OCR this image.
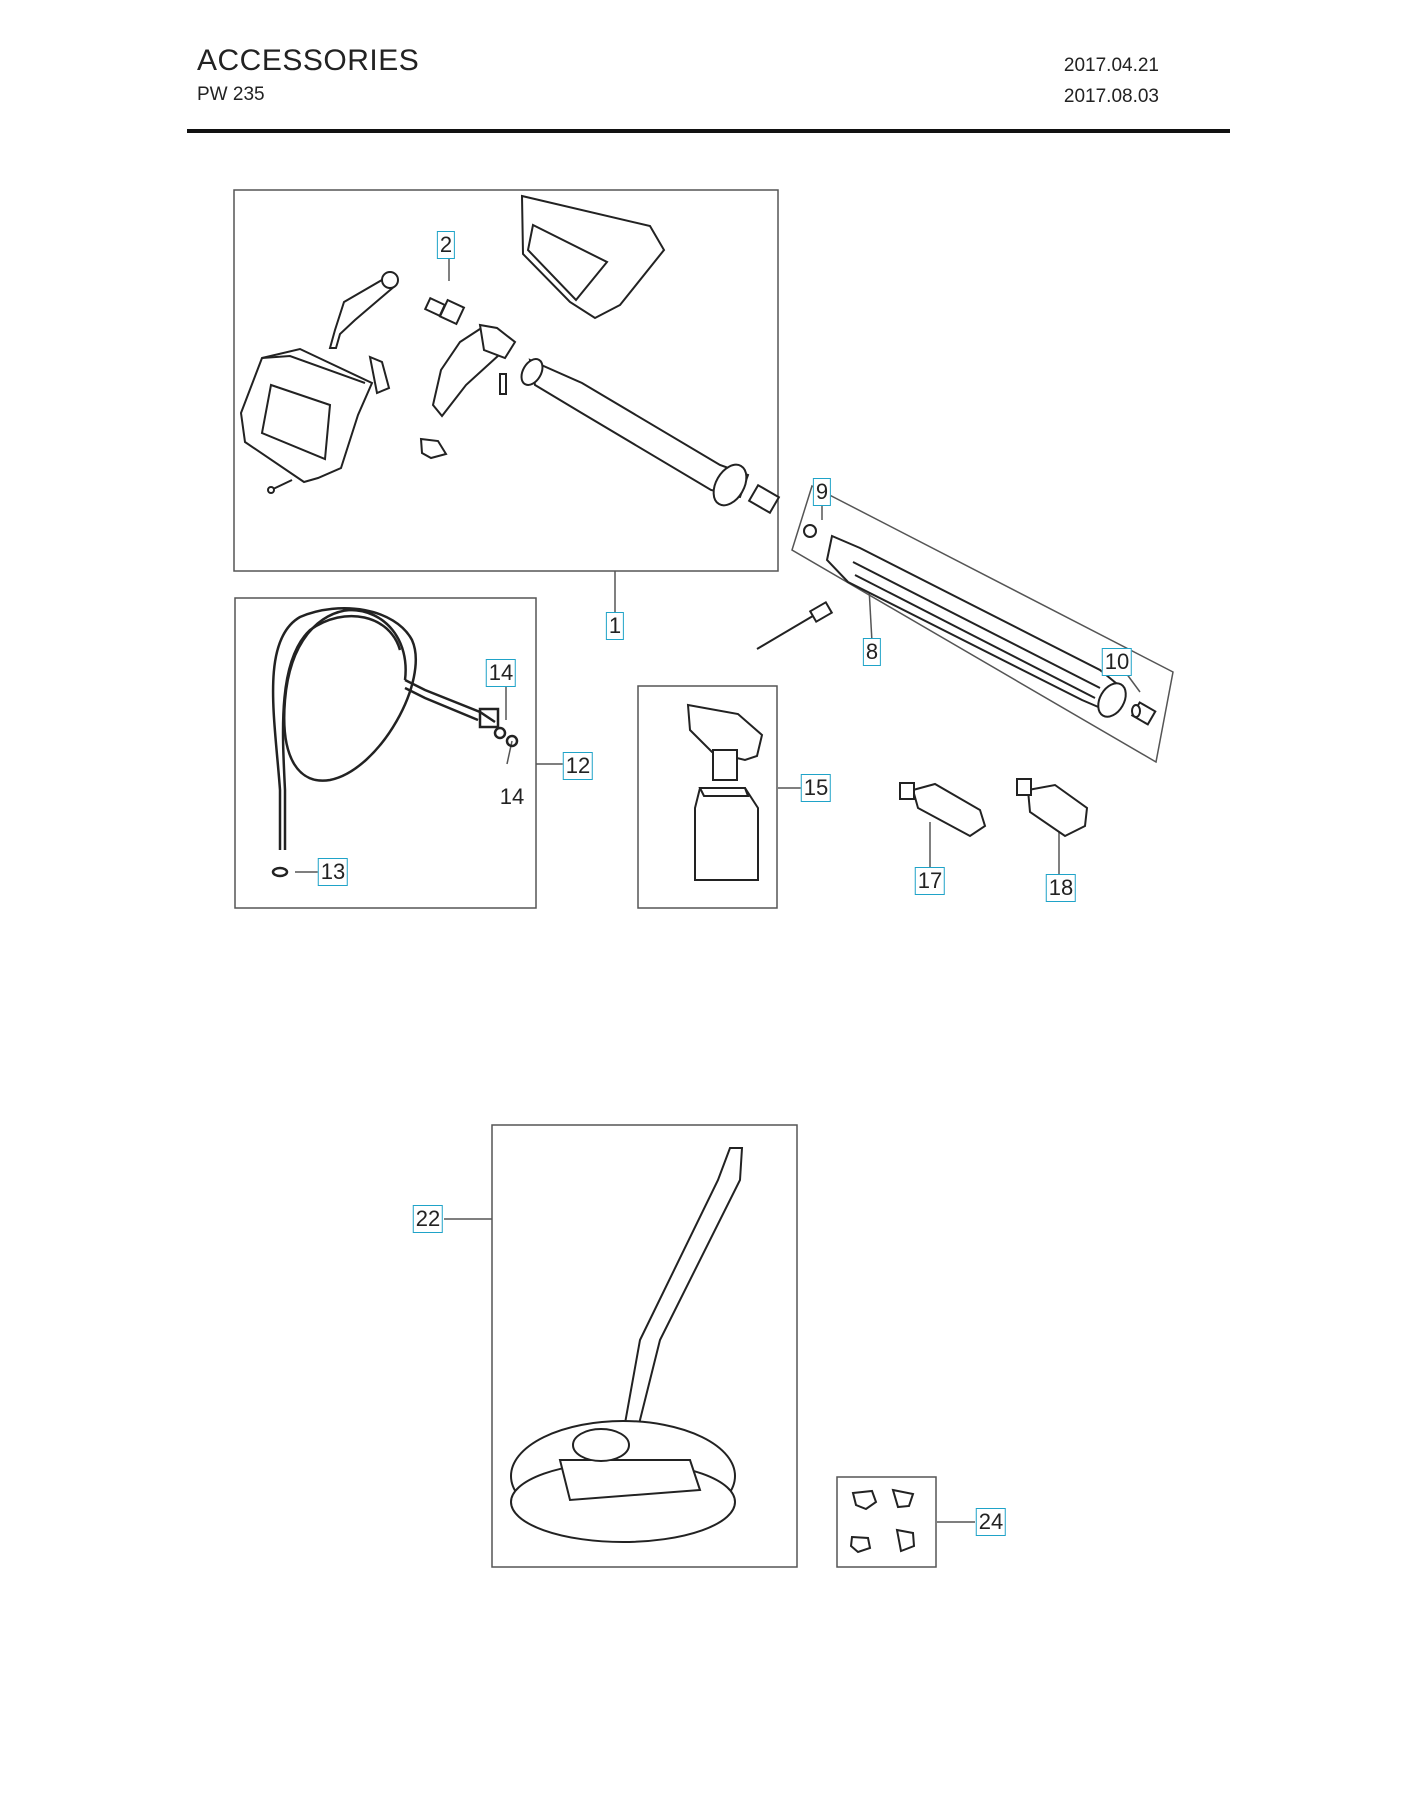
ACCESSORIES
PW 235
2017.04.21
2017.08.03
1
2
8
9
10
12
13
14
14	15
17	18
22
24
